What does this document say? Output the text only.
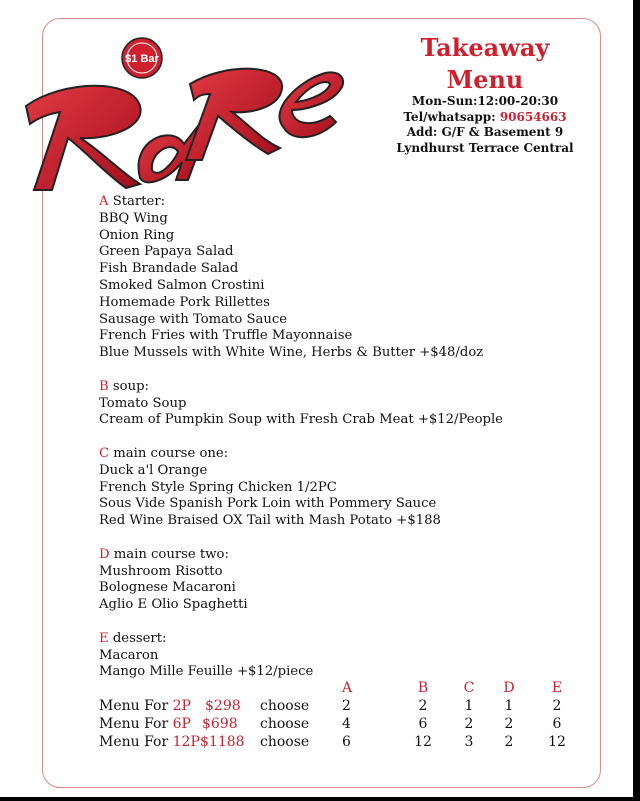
$1 Bar	Takeaway
Menu
Mon-Sun:12:00-20:30
Tel/whatsapp: 90654663
Add: G/F & Basement 9
Lyndhurst Terrace Central
A Starter:
BBQ Wing
Onion Ring
Green Papaya Salad
Fish Brandade Salad
Smoked Salmon Crostini
Homemade Pork Rillettes
Sausage with Tomato Sauce
French Fries with Truffle Mayonnaise
Blue Mussels with White Wine, Herbs & Butter +$48/doz
B soup:
Tomato Soup
Cream of Pumpkin Soup with Fresh Crab Meat +$12/People
C main course one:
Duck a'l Orange
French Style Spring Chicken 1/2PC
Sous Vide Spanish Pork Loin with Pommery Sauce
Red Wine Braised OX Tail with Mash Potato +$188
D main course two:
Mushroom Risotto
Bolognese Macaroni
Aglio E Olio Spaghetti
E dessert:
Macaron
Mango Mille Feuille +$12/piece
		A	B	C	D	E
Menu For 2P $298	choose	2	2	1	1	2
Menu For 6P $698	choose	4	6	2	2	6
Menu For 12P $1188	choose	6	12	3	2	12
